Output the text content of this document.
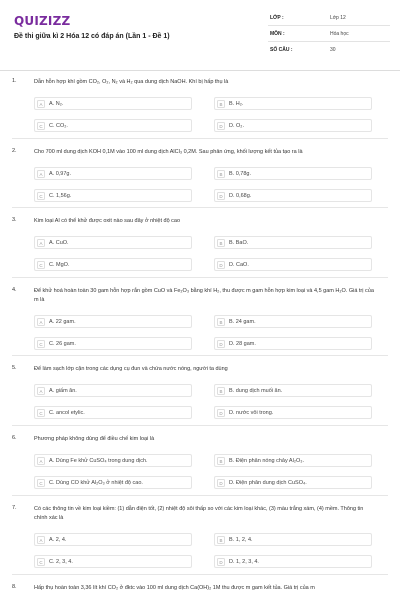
QUIZIZZ
Đề thi giữa kì 2 Hóa 12 có đáp án (Lần 1 - Đề 1)
LỚP :	Lớp 12
MÔN :	Hóa học
SỐ CÂU :	30
1.	Dẫn hỗn hợp khí gồm CO₂, O₂, N₂ và H₂ qua dung dịch NaOH. Khí bị hấp thụ là
A	A. N₂.	B	B. H₂.
C	C. CO₂.	D	D. O₂.
2.	Cho 700 ml dung dịch KOH 0,1M vào 100 ml dung dịch AlCl₃ 0,2M. Sau phản ứng, khối lượng kết tủa tạo ra là
A	A. 0,97g.	B	B. 0,78g.
C	C. 1,56g.	D	D. 0,68g.
3.	Kim loại Al có thể khử được oxit nào sau đây ở nhiệt độ cao
A	A. CuO.	B	B. BaO.
C	C. MgO.	D	D. CaO.
4.	Để khử hoá hoàn toàn 30 gam hỗn hợp rắn gồm CuO và Fe₂O₃ bằng khí H₂, thu được m gam hỗn hợp kim loại và 4,5 gam H₂O. Giá trị của m là
A	A. 22 gam.	B	B. 24 gam.
C	C. 26 gam.	D	D. 28 gam.
5.	Để làm sạch lớp cặn trong các dụng cụ đun và chứa nước nóng, người ta dùng
A	A. giấm ăn.	B	B. dung dịch muối ăn.
C	C. ancol etylic.	D	D. nước vôi trong.
6.	Phương pháp không dùng để điều chế kim loại là
A	A. Dùng Fe khử CuSO₄ trong dung dịch.	B	B. Điện phân nóng chảy Al₂O₃.
C	C. Dùng CO khử Al₂O₃ ở nhiệt độ cao.	D	D. Điện phân dung dịch CuSO₄.
7.	Có các thông tin về kim loại kiềm: (1) dẫn điện tốt, (2) nhiệt độ sôi thấp so với các kim loại khác, (3) màu trắng xám, (4) mềm. Thông tin chính xác là
A	A. 2, 4.	B	B. 1, 2, 4.
C	C. 2, 3, 4.	D	D. 1, 2, 3, 4.
8.	Hấp thụ hoàn toàn 3,36 lít khí CO₂ ở đktc vào 100 ml dung dịch Ca(OH)₂ 1M thu được m gam kết tủa. Giá trị của m
